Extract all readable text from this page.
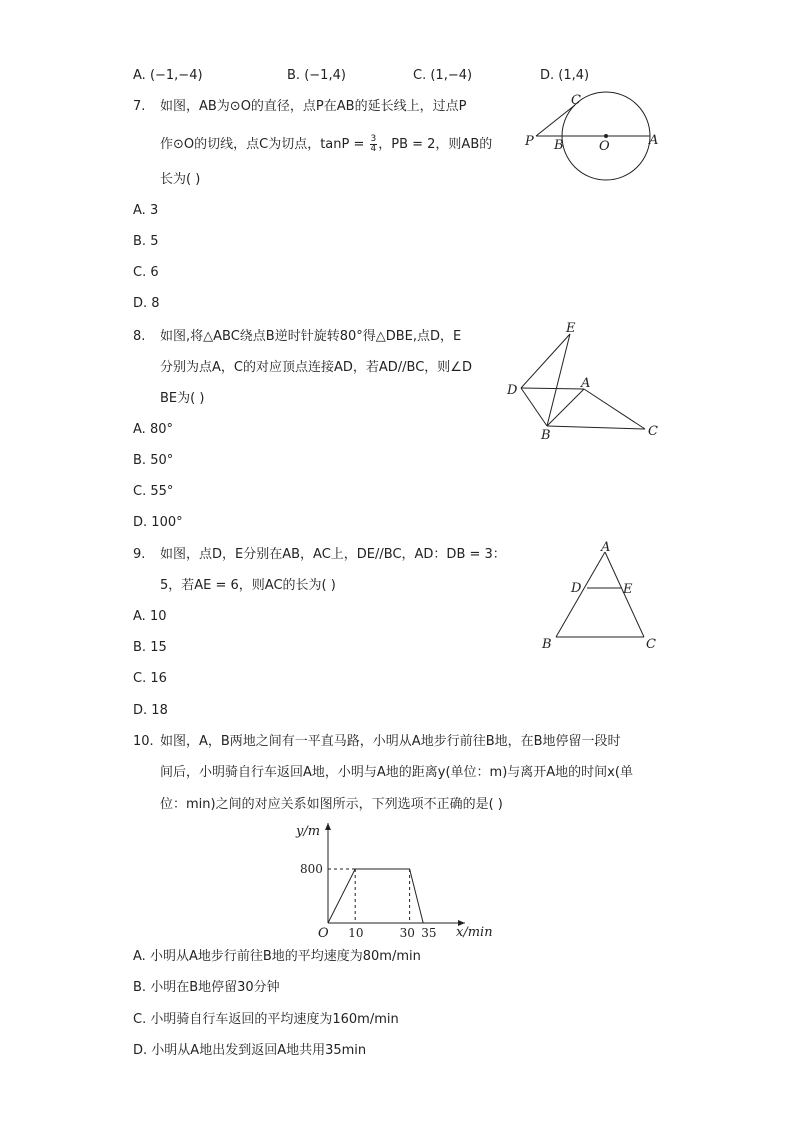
A. (−1,−4)	B. (−1,4)	C. (1,−4)	D. (1,4)
7. 如图，AB为⊙O的直径，点P在AB的延长线上，过点P
作⊙O的切线，点C为切点，$\tan P = \frac{3}{4}$ ，PB = 2，则AB的
长为( )
A. 3
B. 5
C. 6
D. 8
P B	O	A
C
8. 如图,将△ABC绕点B逆时针旋转80°得△DBE,点D，E
分别为点A，C的对应顶点连接AD，若AD//BC，则∠D
BE为( )
A. 80°
B. 50°
C. 55°
D. 100°
E
D	A
B	C
9. 如图，点D，E分别在AB，AC上，DE//BC，AD：DB = 3：
5，若AE = 6，则AC的长为( )
A. 10
B. 15
C. 16
D. 18
A
D	E
B	C
10. 如图，A，B两地之间有一平直马路，小明从A地步行前往B地，在B地停留一段时
间后，小明骑自行车返回A地，小明与A地的距离y(单位：m)与离开A地的时间x(单
位：min)之间的对应关系如图所示，下列选项不正确的是( )
800
10	30 35
y/m
x/min
O
A. 小明从A地步行前往B地的平均速度为80m/min
B. 小明在B地停留30分钟
C. 小明骑自行车返回的平均速度为160m/min
D. 小明从A地出发到返回A地共用35min
